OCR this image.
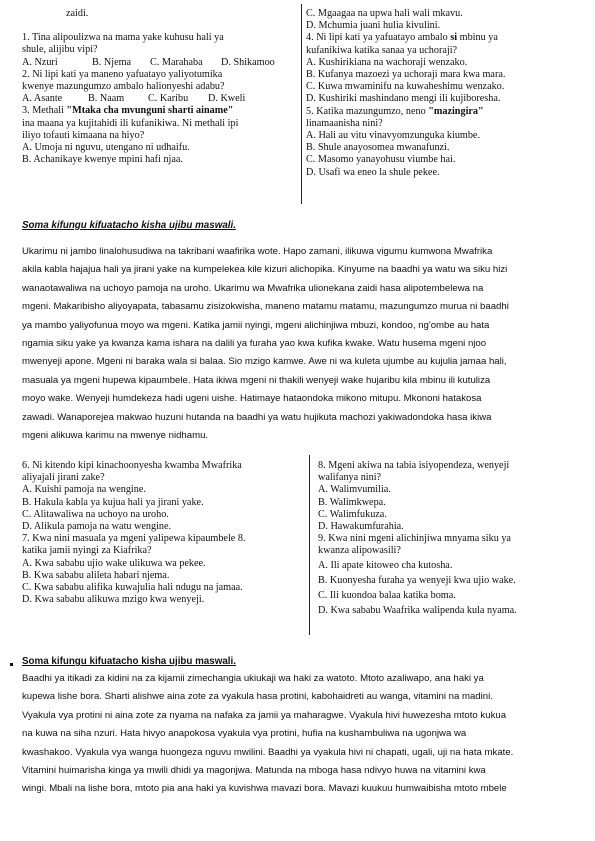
zaidi.
1. Tina alipoulizwa na mama yake kuhusu hali ya
shule, alijibu vipi?
A. Nzuri	B. Njema	C. Marahaba	D. Shikamoo
2. Ni lipi kati ya maneno yafuatayo yaliyotumika
kwenye mazungumzo ambalo halionyeshi adabu?
A. Asante	B. Naam	C. Karibu	D. Kweli
3. Methali "Mtaka cha mvunguni sharti ainame"
ina maana ya kujitahidi ili kufanikiwa. Ni methali ipi
iliyo tofauti kimaana na hiyo?
A. Umoja ni nguvu, utengano ni udhaifu.
B. Achanikaye kwenye mpini hafi njaa.
C. Mgaagaa na upwa hali wali mkavu.
D. Mchumia juani hulia kivulini.
4. Ni lipi kati ya yafuatayo ambalo si mbinu ya
kufanikiwa katika sanaa ya uchoraji?
A. Kushirikiana na wachoraji wenzako.
B. Kufanya mazoezi ya uchoraji mara kwa mara.
C. Kuwa mwaminifu na kuwaheshimu wenzako.
D. Kushiriki mashindano mengi ili kujiboresha.
5. Katika mazungumzo, neno "mazingira"
linamaanisha nini?
A. Hali au vitu vinavyomzunguka kiumbe.
B. Shule anayosomea mwanafunzi.
C. Masomo yanayohusu viumbe hai.
D. Usafi wa eneo la shule pekee.
Soma kifungu kifuatacho kisha ujibu maswali.
Ukarimu ni jambo linalohusudiwa na takribani waafirika wote. Hapo zamani, ilikuwa vigumu kumwona Mwafrika
akila kabla hajajua hali ya jirani yake na kumpelekea kile kizuri alichopika. Kinyume na baadhi ya watu wa siku hizi
wanaotawaliwa na uchoyo pamoja na uroho. Ukarimu wa Mwafrika ulionekana zaidi hasa alipotembelewa na
mgeni. Makaribisho aliyoyapata, tabasamu zisizokwisha, maneno matamu matamu, mazungumzo murua ni baadhi
ya mambo yaliyofunua moyo wa mgeni. Katika jamii nyingi, mgeni alichinjiwa mbuzi, kondoo, ng'ombe au hata
ngamia siku yake ya kwanza kama ishara na dalili ya furaha yao kwa kufika kwake. Watu husema mgeni njoo
mwenyeji apone. Mgeni ni baraka wala si balaa. Sio mzigo kamwe. Awe ni wa kuleta ujumbe au kujulia jamaa hali,
masuala ya mgeni hupewa kipaumbele. Hata ikiwa mgeni ni thakili wenyeji wake hujaribu kila mbinu ili kutuliza
moyo wake. Wenyeji humdekeza hadi ugeni uishe. Hatimaye hataondoka mikono mitupu. Mkononi hatakosa
zawadi. Wanaporejea makwao huzuni hutanda na baadhi ya watu hujikuta machozi yakiwadondoka hasa ikiwa
mgeni alikuwa karimu na mwenye nidhamu.
6. Ni kitendo kipi kinachoonyesha kwamba Mwafrika
aliyajali jirani zake?
A. Kuishi pamoja na wengine.
B. Hakula kabla ya kujua hali ya jirani yake.
C. Alitawaliwa na uchoyo na uroho.
D. Alikula pamoja na watu wengine.
7. Kwa nini masuala ya mgeni yalipewa kipaumbele 8.
katika jamii nyingi za Kiafrika?
A. Kwa sababu ujio wake ulikuwa wa pekee.
B. Kwa sababu alileta habari njema.
C. Kwa sababu alifika kuwajulia hali ndugu na jamaa.
D. Kwa sababu alikuwa mzigo kwa wenyeji.
8. Mgeni akiwa na tabia isiyopendeza, wenyeji
walifanya nini?
A. Walimvumilia.
B. Walimkwepa.
C. Walimfukuza.
D. Hawakumfurahia.
9. Kwa nini mgeni alichinjiwa mnyama siku ya
kwanza alipowasili?
A. Ili apate kitoweo cha kutosha.
B. Kuonyesha furaha ya wenyeji kwa ujio wake.
C. Ili kuondoa balaa katika boma.
D. Kwa sababu Waafrika walipenda kula nyama.
Soma kifungu kifuatacho kisha ujibu maswali.
Baadhi ya itikadi za kidini na za kijamii zimechangia ukiukaji wa haki za watoto. Mtoto azaliwapo, ana haki ya
kupewa lishe bora. Sharti alishwe aina zote za vyakula hasa protini, kabohaidreti au wanga, vitamini na madini.
Vyakula vya protini ni aina zote za nyama na nafaka za jamii ya maharagwe. Vyakula hivi huwezesha mtoto kukua
na kuwa na siha nzuri. Hata hivyo anapokosa vyakula vya protini, hufia na kushambuliwa na ugonjwa wa
kwashakoo. Vyakula vya wanga huongeza nguvu mwilini. Baadhi ya vyakula hivi ni chapati, ugali, uji na hata mkate.
Vitamini huimarisha kinga ya mwili dhidi ya magonjwa. Matunda na mboga hasa ndivyo huwa na vitamini kwa
wingi. Mbali na lishe bora, mtoto pia ana haki ya kuvishwa mavazi bora. Mavazi kuukuu humwaibisha mtoto mbele
